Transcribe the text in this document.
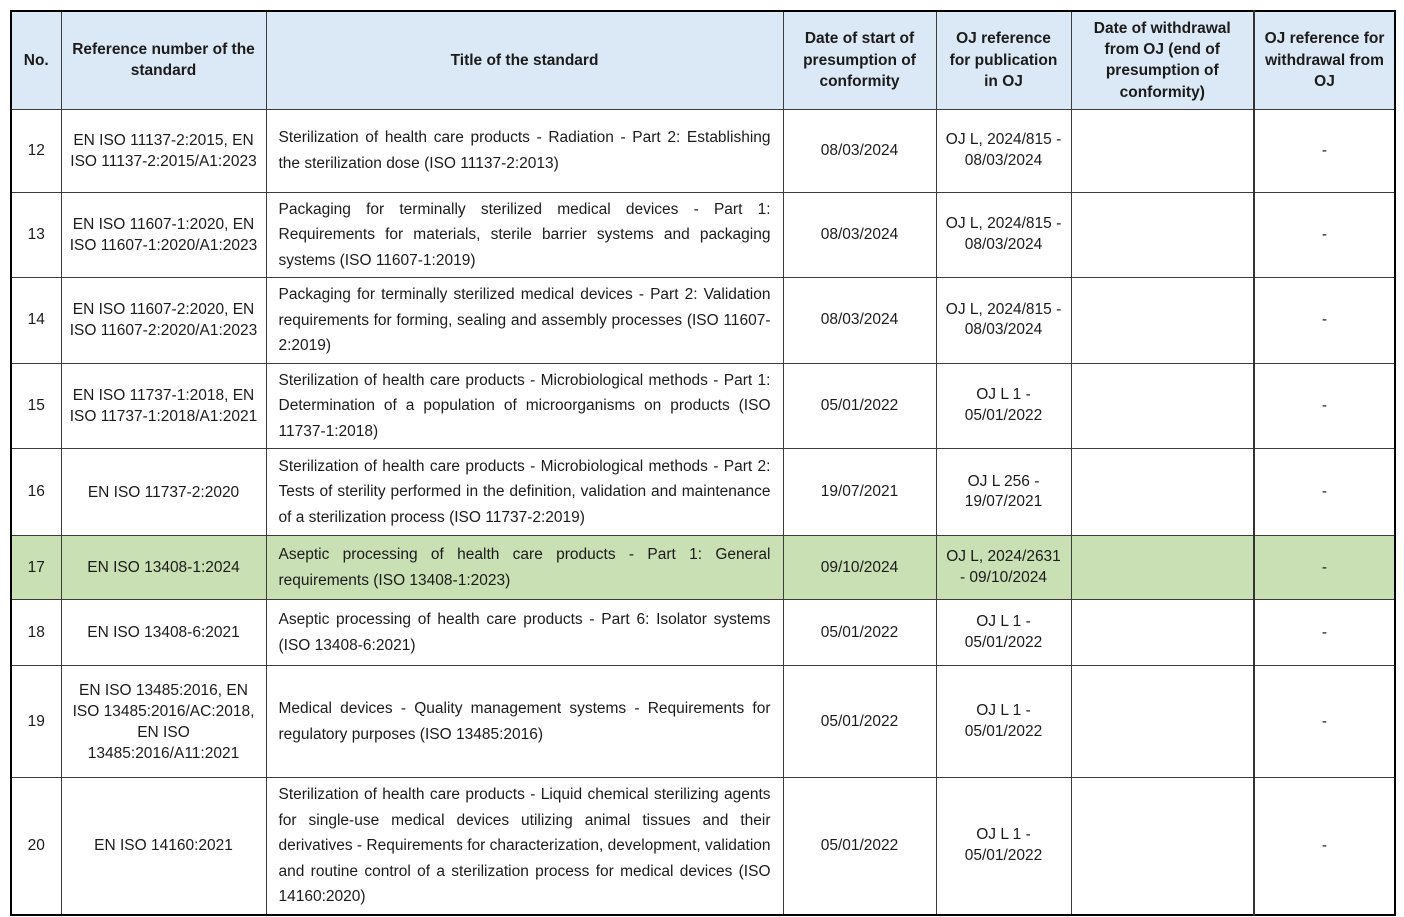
No.	Reference number of the standard	Title of the standard	Date of start of presumption of conformity	OJ reference for publication in OJ	Date of withdrawal from OJ (end of presumption of conformity)	OJ reference for withdrawal from OJ
12	EN ISO 11137-2:2015, EN ISO 11137-2:2015/A1:2023	Sterilization of health care products - Radiation - Part 2: Establishing the sterilization dose (ISO 11137-2:2013)	08/03/2024	OJ L, 2024/815 - 08/03/2024		-
13	EN ISO 11607-1:2020, EN ISO 11607-1:2020/A1:2023	Packaging for terminally sterilized medical devices - Part 1: Requirements for materials, sterile barrier systems and packaging systems (ISO 11607-1:2019)	08/03/2024	OJ L, 2024/815 - 08/03/2024		-
14	EN ISO 11607-2:2020, EN ISO 11607-2:2020/A1:2023	Packaging for terminally sterilized medical devices - Part 2: Validation requirements for forming, sealing and assembly processes (ISO 11607-2:2019)	08/03/2024	OJ L, 2024/815 - 08/03/2024		-
15	EN ISO 11737-1:2018, EN ISO 11737-1:2018/A1:2021	Sterilization of health care products - Microbiological methods - Part 1: Determination of a population of microorganisms on products (ISO 11737-1:2018)	05/01/2022	OJ L 1 - 05/01/2022		-
16	EN ISO 11737-2:2020	Sterilization of health care products - Microbiological methods - Part 2: Tests of sterility performed in the definition, validation and maintenance of a sterilization process (ISO 11737-2:2019)	19/07/2021	OJ L 256 - 19/07/2021		-
17	EN ISO 13408-1:2024	Aseptic processing of health care products - Part 1: General requirements (ISO 13408-1:2023)	09/10/2024	OJ L, 2024/2631 - 09/10/2024		-
18	EN ISO 13408-6:2021	Aseptic processing of health care products - Part 6: Isolator systems (ISO 13408-6:2021)	05/01/2022	OJ L 1 - 05/01/2022		-
19	EN ISO 13485:2016, EN ISO 13485:2016/AC:2018, EN ISO 13485:2016/A11:2021	Medical devices - Quality management systems - Requirements for regulatory purposes (ISO 13485:2016)	05/01/2022	OJ L 1 - 05/01/2022		-
20	EN ISO 14160:2021	Sterilization of health care products - Liquid chemical sterilizing agents for single-use medical devices utilizing animal tissues and their derivatives - Requirements for characterization, development, validation and routine control of a sterilization process for medical devices (ISO 14160:2020)	05/01/2022	OJ L 1 - 05/01/2022		-
